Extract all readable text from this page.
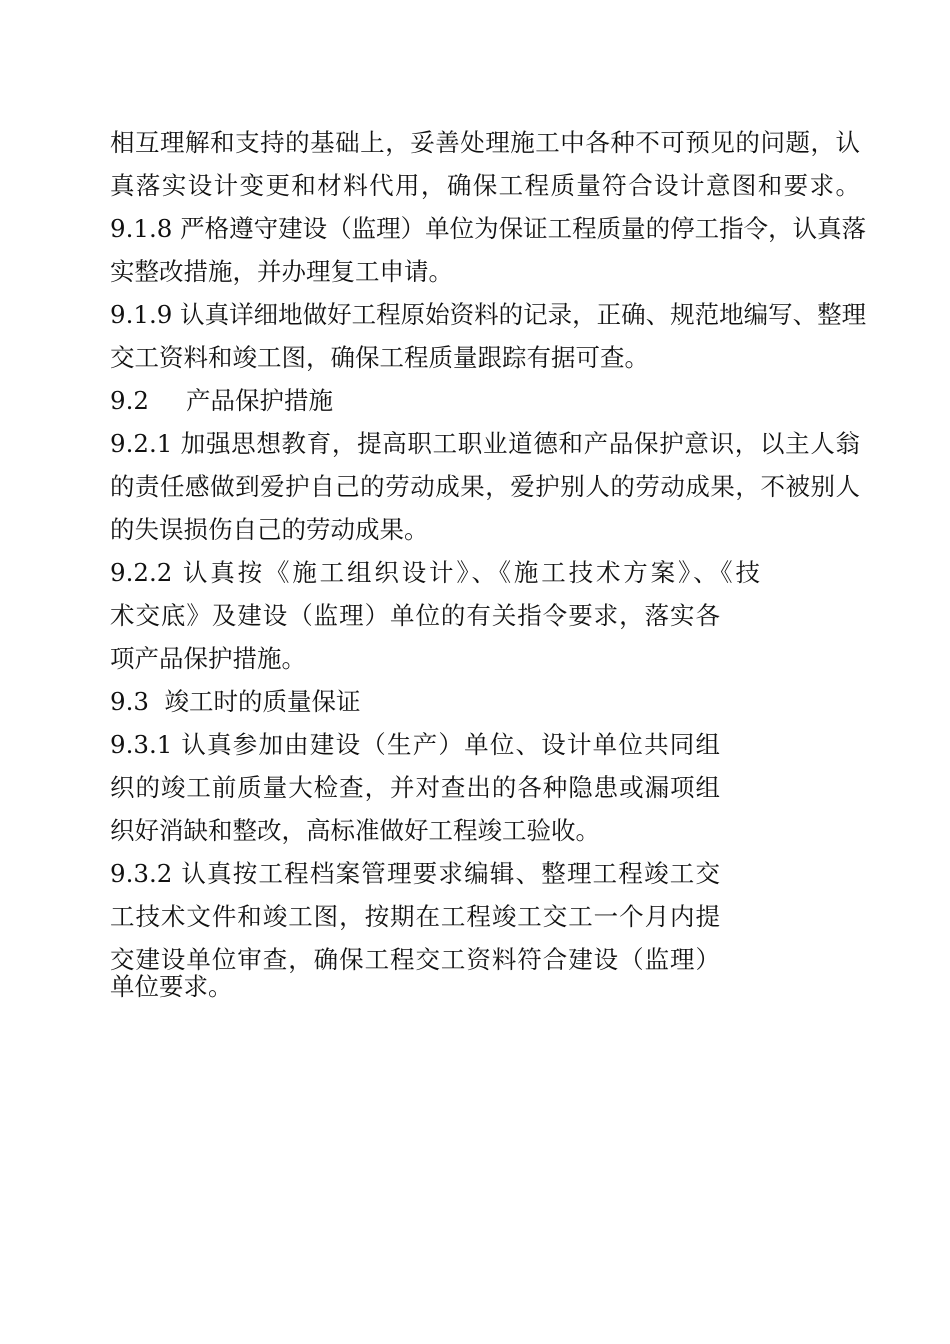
相互理解和支持的基础上，妥善处理施工中各种不可预见的问题，认
真落实设计变更和材料代用，确保工程质量符合设计意图和要求。
9.1.8 严格遵守建设（监理）单位为保证工程质量的停工指令，认真落
实整改措施，并办理复工申请。
9.1.9 认真详细地做好工程原始资料的记录，正确、规范地编写、整理
交工资料和竣工图，确保工程质量跟踪有据可查。
9.2 产品保护措施
9.2.1 加强思想教育，提高职工职业道德和产品保护意识，以主人翁
的责任感做到爱护自己的劳动成果，爱护别人的劳动成果，不被别人
的失误损伤自己的劳动成果。
9.2.2 认真按《施工组织设计》、《施工技术方案》、《技
术交底》及建设（监理）单位的有关指令要求，落实各
项产品保护措施。
9.3  竣工时的质量保证
9.3.1 认真参加由建设（生产）单位、设计单位共同组
织的竣工前质量大检查，并对查出的各种隐患或漏项组
织好消缺和整改，高标准做好工程竣工验收。
9.3.2 认真按工程档案管理要求编辑、整理工程竣工交
工技术文件和竣工图，按期在工程竣工交工一个月内提
交建设单位审查，确保工程交工资料符合建设（监理）
单位要求。
